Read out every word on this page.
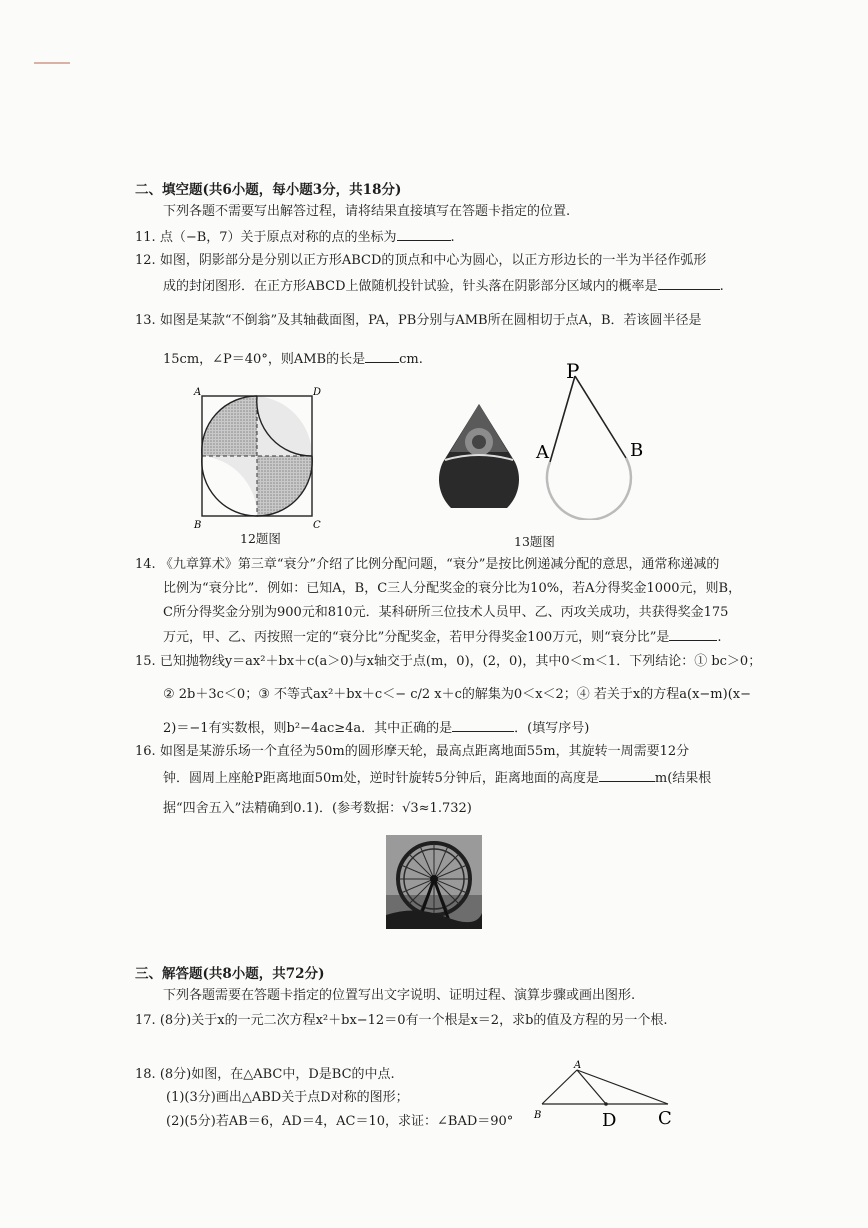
二、填空题(共6小题，每小题3分，共18分)
下列各题不需要写出解答过程，请将结果直接填写在答题卡指定的位置.
11. 点（−B，7）关于原点对称的点的坐标为	.
12. 如图，阴影部分是分别以正方形ABCD的顶点和中心为圆心，以正方形边长的一半为半径作弧形
成的封闭图形．在正方形ABCD上做随机投针试验，针头落在阴影部分区域内的概率是	.
13. 如图是某款“不倒翁”及其轴截面图，PA，PB分别与AMB所在圆相切于点A，B．若该圆半径是
15cm，∠P＝40°，则AMB的长是	cm.
A	D
B	C
12题图
P
A	B
13题图
14. 《九章算术》第三章“衰分”介绍了比例分配问题，“衰分”是按比例递减分配的意思，通常称递减的
比例为“衰分比”．例如：已知A，B，C三人分配奖金的衰分比为10%，若A分得奖金1000元，则B，
C所分得奖金分别为900元和810元．某科研所三位技术人员甲、乙、丙攻关成功，共获得奖金175
万元，甲、乙、丙按照一定的“衰分比”分配奖金，若甲分得奖金100万元，则“衰分比”是	.
15. 已知抛物线y＝ax²＋bx＋c(a＞0)与x轴交于点(m，0)，(2，0)，其中0＜m＜1．下列结论：① bc＞0；
② 2b＋3c＜0；③ 不等式ax²＋bx＋c＜− c/2 x＋c的解集为0＜x＜2；④ 若关于x的方程a(x−m)(x−
2)＝−1有实数根，则b²−4ac≥4a．其中正确的是	．(填写序号)
16. 如图是某游乐场一个直径为50m的圆形摩天轮，最高点距离地面55m，其旋转一周需要12分
钟．圆周上座舱P距离地面50m处，逆时针旋转5分钟后，距离地面的高度是	m(结果根
据“四舍五入”法精确到0.1)．(参考数据：√3≈1.732)
三、解答题(共8小题，共72分)
下列各题需要在答题卡指定的位置写出文字说明、证明过程、演算步骤或画出图形.
17. (8分)关于x的一元二次方程x²＋bx−12＝0有一个根是x＝2，求b的值及方程的另一个根.
18. (8分)如图，在△ABC中，D是BC的中点.
(1)(3分)画出△ABD关于点D对称的图形；
(2)(5分)若AB＝6，AD＝4，AC＝10，求证：∠BAD＝90°
A
B	D C
